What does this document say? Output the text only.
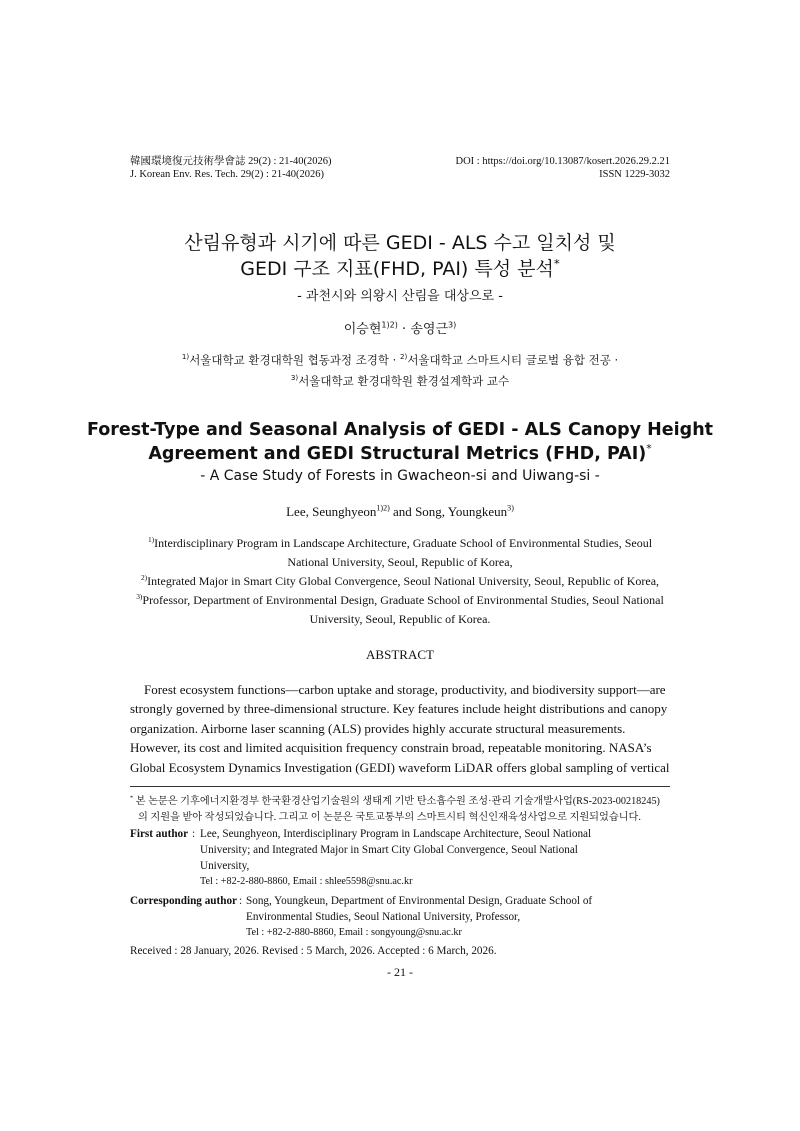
韓國環境復元技術學會誌 29(2) : 21-40(2026)
J. Korean Env. Res. Tech. 29(2) : 21-40(2026)
DOI : https://doi.org/10.13087/kosert.2026.29.2.21
ISSN 1229-3032
산림유형과 시기에 따른 GEDI - ALS 수고 일치성 및
GEDI 구조 지표(FHD, PAI) 특성 분석*
- 과천시와 의왕시 산림을 대상으로 -
이승현$^{1)2)}$ · 송영근$^{3)}$
$^{1)}$서울대학교 환경대학원 협동과정 조경학 · $^{2)}$서울대학교 스마트시티 글로벌 융합 전공 ·
$^{3)}$서울대학교 환경대학원 환경설계학과 교수
Forest-Type and Seasonal Analysis of GEDI - ALS Canopy Height
Agreement and GEDI Structural Metrics (FHD, PAI)*
- A Case Study of Forests in Gwacheon-si and Uiwang-si -
Lee, Seunghyeon$^{1)2)}$ and Song, Youngkeun$^{3)}$
$^{1)}$Interdisciplinary Program in Landscape Architecture, Graduate School of Environmental Studies, Seoul
National University, Seoul, Republic of Korea,
$^{2)}$Integrated Major in Smart City Global Convergence, Seoul National University, Seoul, Republic of Korea,
$^{3)}$Professor, Department of Environmental Design, Graduate School of Environmental Studies, Seoul National
University, Seoul, Republic of Korea.
ABSTRACT
Forest ecosystem functions—carbon uptake and storage, productivity, and biodiversity support—are
strongly governed by three-dimensional structure. Key features include height distributions and canopy
organization. Airborne laser scanning (ALS) provides highly accurate structural measurements.
However, its cost and limited acquisition frequency constrain broad, repeatable monitoring. NASA’s
Global Ecosystem Dynamics Investigation (GEDI) waveform LiDAR offers global sampling of vertical
* 본 논문은 기후에너지환경부 한국환경산업기술원의 생태계 기반 탄소흡수원 조성·관리 기술개발사업(RS-2023-00218245)
의 지원을 받아 작성되었습니다. 그리고 이 논문은 국토교통부의 스마트시티 혁신인재육성사업으로 지원되었습니다.
First author : Lee, Seunghyeon, Interdisciplinary Program in Landscape Architecture, Seoul National
University; and Integrated Major in Smart City Global Convergence, Seoul National
University,
Tel : +82-2-880-8860, Email : shlee5598@snu.ac.kr
Corresponding author : Song, Youngkeun, Department of Environmental Design, Graduate School of
Environmental Studies, Seoul National University, Professor,
Tel : +82-2-880-8860, Email : songyoung@snu.ac.kr
Received : 28 January, 2026. Revised : 5 March, 2026. Accepted : 6 March, 2026.
- 21 -
